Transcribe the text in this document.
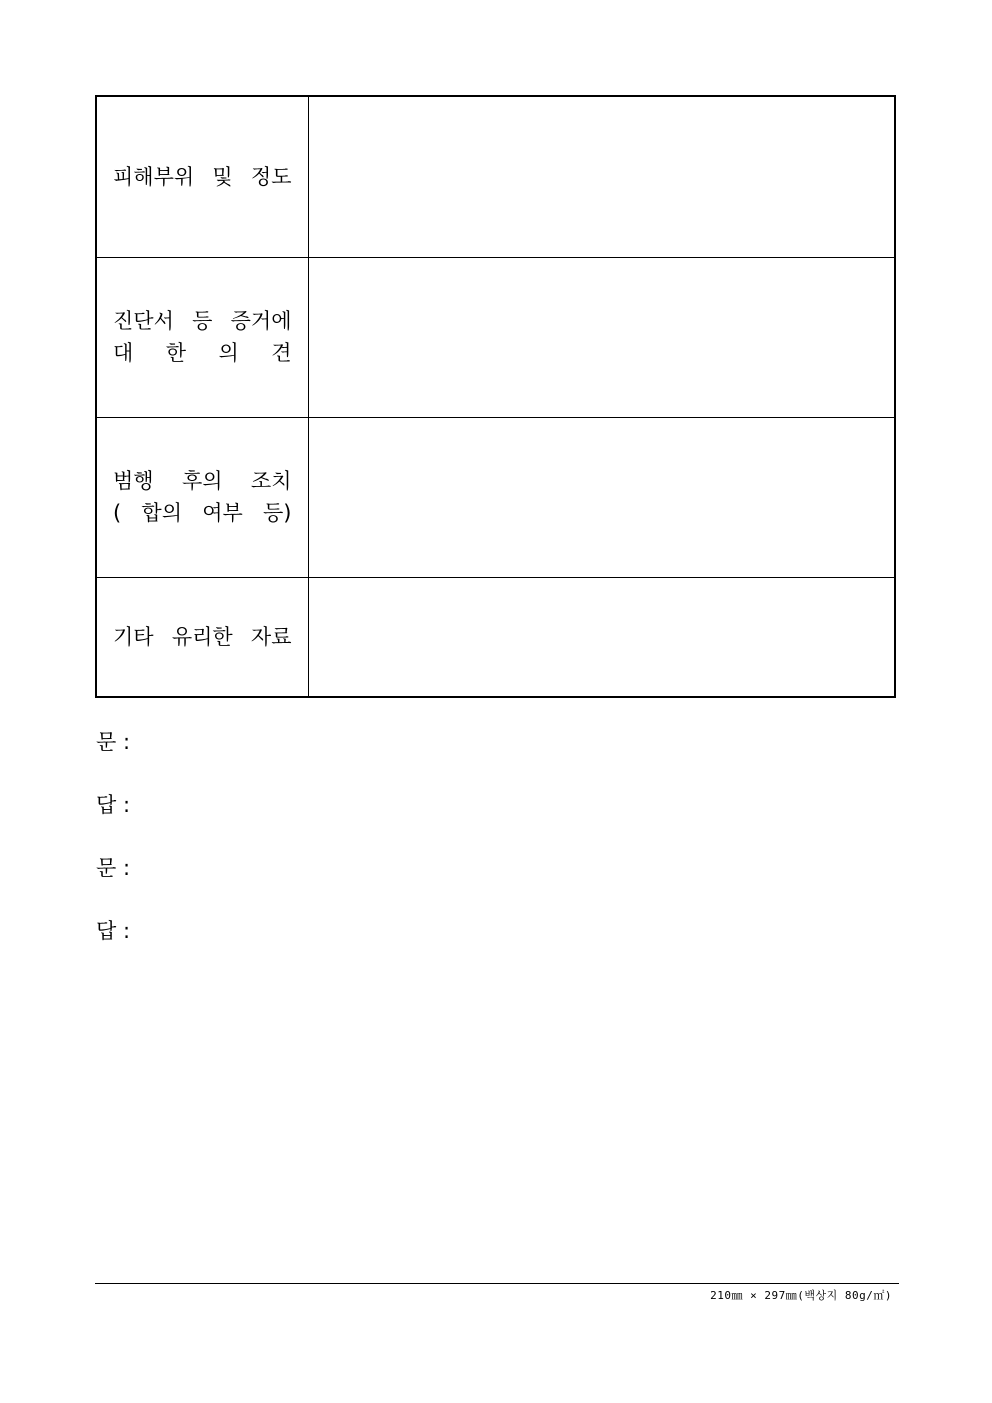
피해부위 및 정도	

진단서 등 증거에
대 한 의 견	

범행 후의 조치
( 합의 여부 등)	

기타 유리한 자료	

문 :
답 :
문 :
답 :
210㎜ × 297㎜(백상지 80g/㎡)
